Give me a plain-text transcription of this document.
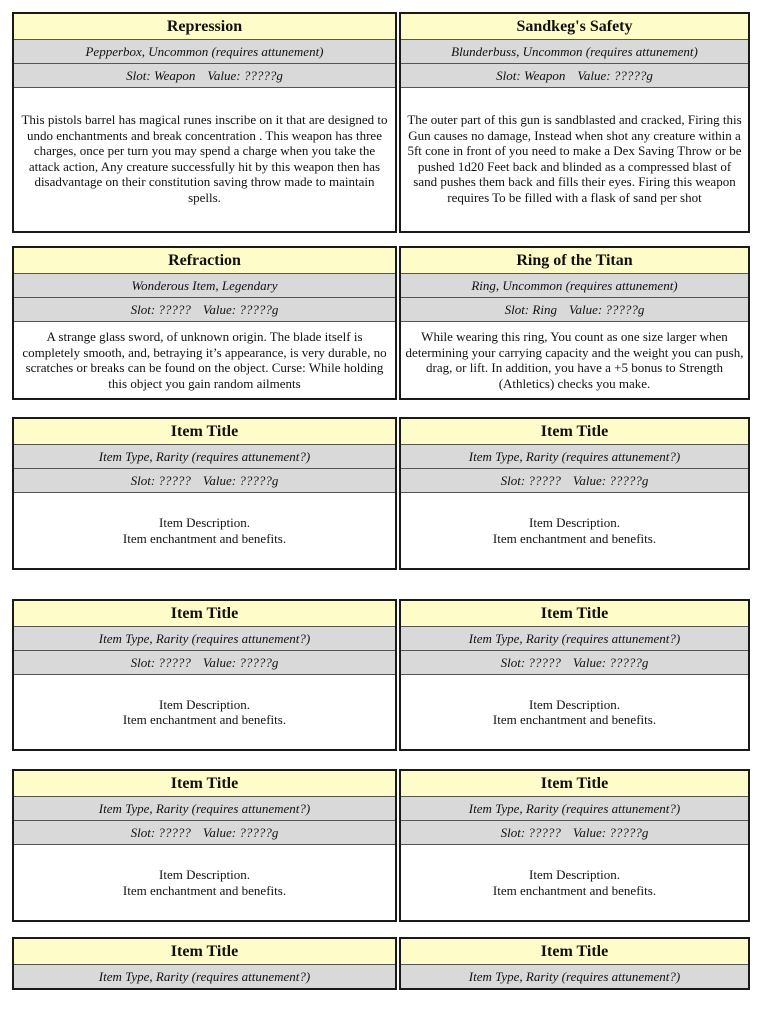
Repression
Pepperbox, Uncommon (requires attunement)
Slot:
Weapon Value:
?????g
This pistols barrel has magical runes inscribe on it that are designed to undo enchantments and break concentration . This weapon has three charges, once per turn you may spend a charge when you take the attack action, Any creature successfully hit by this weapon then has disadvantage on their constitution saving throw made to maintain spells.
Sandkeg's Safety
Blunderbuss, Uncommon (requires attunement)
Slot:
Weapon Value:
?????g
The outer part of this gun is sandblasted and cracked, Firing this Gun causes no damage, Instead when shot any creature within a 5ft cone in front of you need to make a Dex Saving Throw or be pushed 1d20 Feet back and blinded as a compressed blast of sand pushes them back and fills their eyes. Firing this weapon requires To be filled with a flask of sand per shot
Refraction
Wonderous Item, Legendary
Slot:
????? Value:
?????g
A strange glass sword, of unknown origin. The blade itself is completely smooth, and, betraying it’s appearance, is very durable, no scratches or breaks can be found on the object. Curse: While holding this object you gain random ailments
Ring of the Titan
Ring, Uncommon (requires attunement)
Slot:
Ring Value:
?????g
While wearing this ring, You count as one size larger when determining your carrying capacity and the weight you can push, drag, or lift. In addition, you have a +5 bonus to Strength (Athletics) checks you make.
Item Title
Item Type, Rarity (requires attunement?)
Slot:
????? Value:
?????g
Item Description.
Item enchantment and benefits.
Item Title
Item Type, Rarity (requires attunement?)
Slot:
????? Value:
?????g
Item Description.
Item enchantment and benefits.
Item Title
Item Type, Rarity (requires attunement?)
Slot:
????? Value:
?????g
Item Description.
Item enchantment and benefits.
Item Title
Item Type, Rarity (requires attunement?)
Slot:
????? Value:
?????g
Item Description.
Item enchantment and benefits.
Item Title
Item Type, Rarity (requires attunement?)
Slot:
????? Value:
?????g
Item Description.
Item enchantment and benefits.
Item Title
Item Type, Rarity (requires attunement?)
Slot:
????? Value:
?????g
Item Description.
Item enchantment and benefits.
Item Title
Item Type, Rarity (requires attunement?)
Item Title
Item Type, Rarity (requires attunement?)
